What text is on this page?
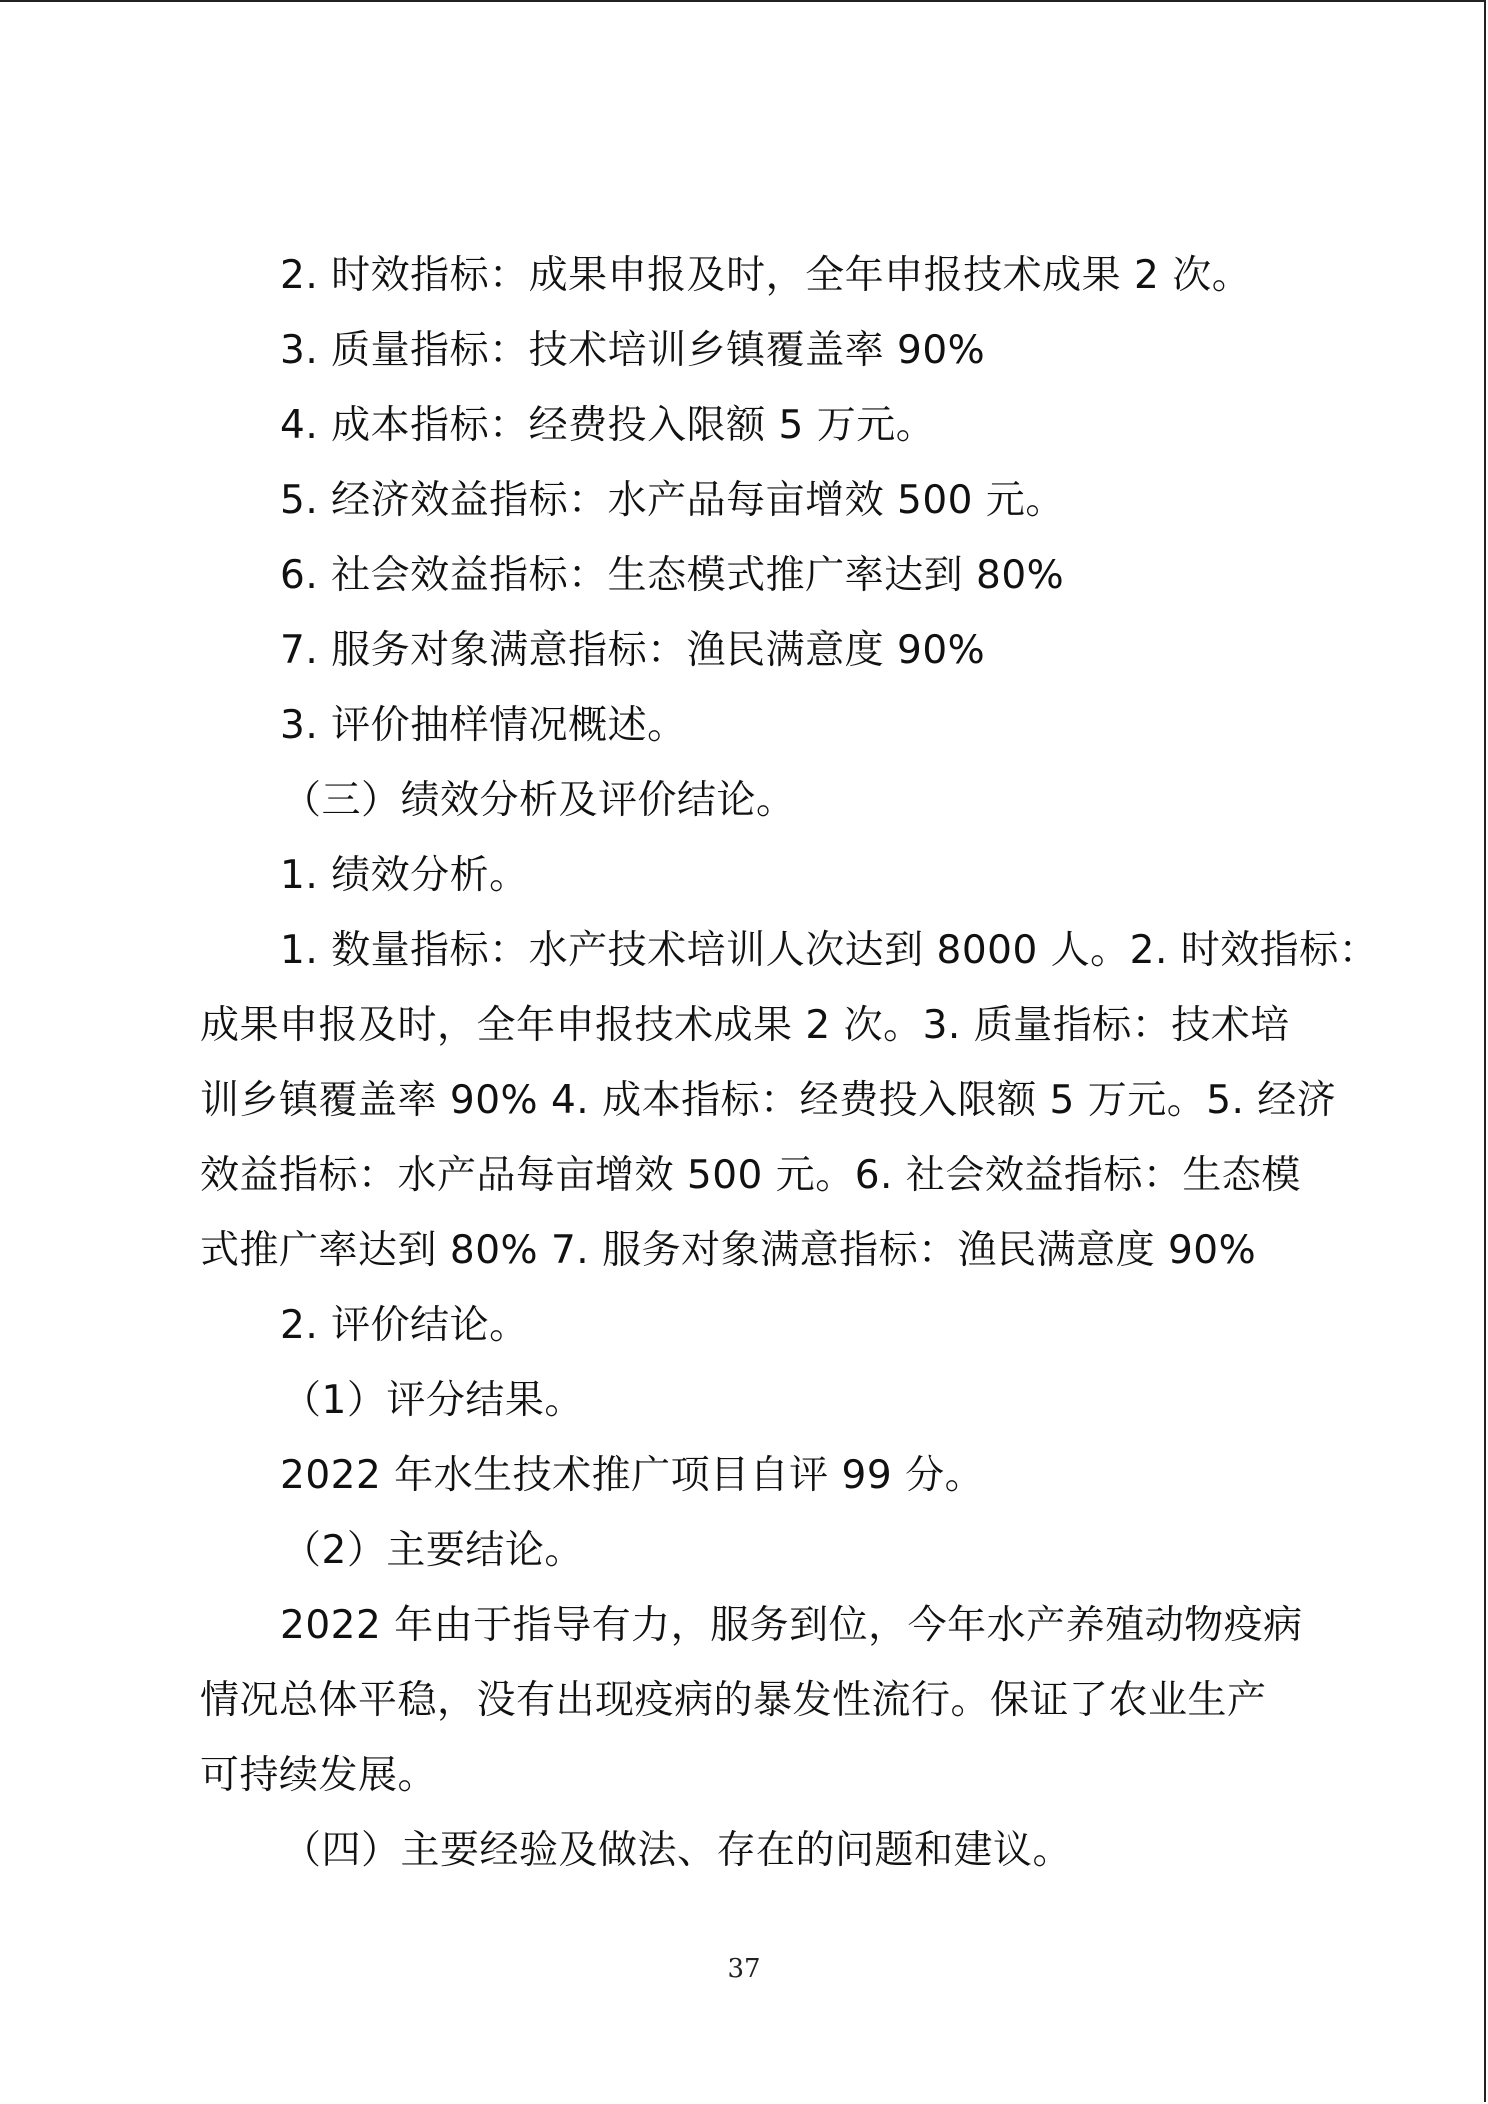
2. 时效指标：成果申报及时，全年申报技术成果 2 次。
3. 质量指标：技术培训乡镇覆盖率 90%
4. 成本指标：经费投入限额 5 万元。
5. 经济效益指标：水产品每亩增效 500 元。
6. 社会效益指标：生态模式推广率达到 80%
7. 服务对象满意指标：渔民满意度 90%
3. 评价抽样情况概述。
（三）绩效分析及评价结论。
1. 绩效分析。
1. 数量指标：水产技术培训人次达到 8000 人。2. 时效指标：
成果申报及时，全年申报技术成果 2 次。3. 质量指标：技术培
训乡镇覆盖率 90% 4. 成本指标：经费投入限额 5 万元。5. 经济
效益指标：水产品每亩增效 500 元。6. 社会效益指标：生态模
式推广率达到 80% 7. 服务对象满意指标：渔民满意度 90%
2. 评价结论。
（1）评分结果。
2022 年水生技术推广项目自评 99 分。
（2）主要结论。
2022 年由于指导有力，服务到位，今年水产养殖动物疫病
情况总体平稳，没有出现疫病的暴发性流行。保证了农业生产
可持续发展。
（四）主要经验及做法、存在的问题和建议。
37
